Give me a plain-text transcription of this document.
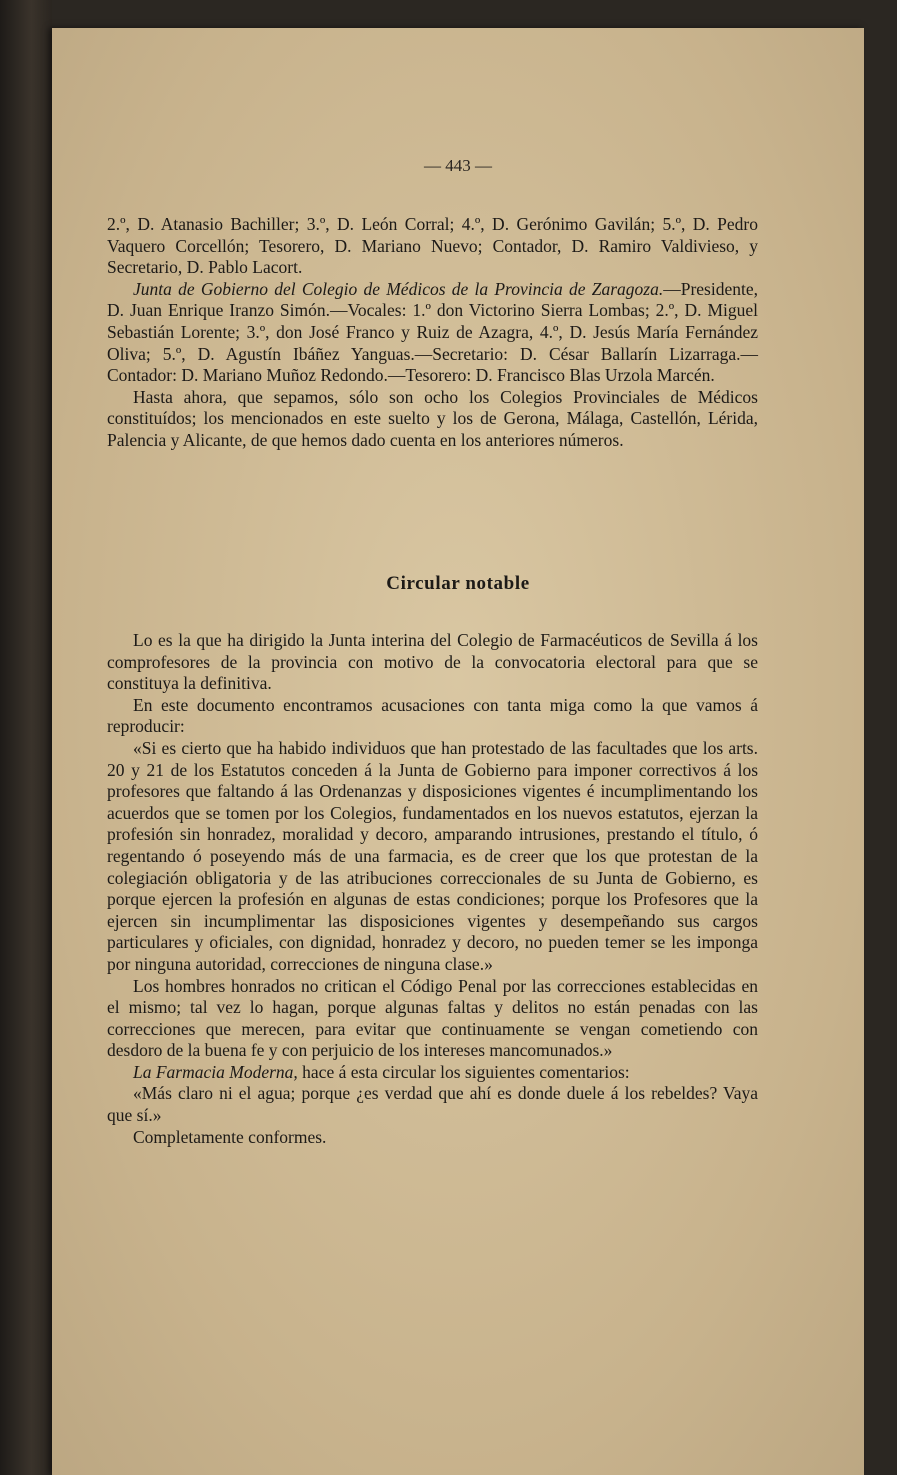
— 443 —

2.º, D. Atanasio Bachiller; 3.º, D. León Corral; 4.º, D. Gerónimo Gavilán; 5.º, D. Pedro Vaquero Corcellón; Tesorero, D. Mariano Nuevo; Contador, D. Ramiro Valdivieso, y Secretario, D. Pablo Lacort.

Junta de Gobierno del Colegio de Médicos de la Provincia de Zaragoza.—Presidente, D. Juan Enrique Iranzo Simón.—Vocales: 1.º don Victorino Sierra Lombas; 2.º, D. Miguel Sebastián Lorente; 3.º, don José Franco y Ruiz de Azagra, 4.º, D. Jesús María Fernández Oliva; 5.º, D. Agustín Ibáñez Yanguas.—Secretario: D. César Ballarín Lizarraga.—Contador: D. Mariano Muñoz Redondo.—Tesorero: D. Francisco Blas Urzola Marcén.

Hasta ahora, que sepamos, sólo son ocho los Colegios Provinciales de Médicos constituídos; los mencionados en este suelto y los de Gerona, Málaga, Castellón, Lérida, Palencia y Alicante, de que hemos dado cuenta en los anteriores números.

Circular notable

Lo es la que ha dirigido la Junta interina del Colegio de Farmacéuticos de Sevilla á los comprofesores de la provincia con motivo de la convocatoria electoral para que se constituya la definitiva.

En este documento encontramos acusaciones con tanta miga como la que vamos á reproducir:

«Si es cierto que ha habido individuos que han protestado de las facultades que los arts. 20 y 21 de los Estatutos conceden á la Junta de Gobierno para imponer correctivos á los profesores que faltando á las Ordenanzas y disposiciones vigentes é incumplimentando los acuerdos que se tomen por los Colegios, fundamentados en los nuevos estatutos, ejerzan la profesión sin honradez, moralidad y decoro, amparando intrusiones, prestando el título, ó regentando ó poseyendo más de una farmacia, es de creer que los que protestan de la colegiación obligatoria y de las atribuciones correccionales de su Junta de Gobierno, es porque ejercen la profesión en algunas de estas condiciones; porque los Profesores que la ejercen sin incumplimentar las disposiciones vigentes y desempeñando sus cargos particulares y oficiales, con dignidad, honradez y decoro, no pueden temer se les imponga por ninguna autoridad, correcciones de ninguna clase.»

Los hombres honrados no critican el Código Penal por las correcciones establecidas en el mismo; tal vez lo hagan, porque algunas faltas y delitos no están penadas con las correcciones que merecen, para evitar que continuamente se vengan cometiendo con desdoro de la buena fe y con perjuicio de los intereses mancomunados.»

La Farmacia Moderna, hace á esta circular los siguientes comentarios:

«Más claro ni el agua; porque ¿es verdad que ahí es donde duele á los rebeldes? Vaya que sí.»

Completamente conformes.
